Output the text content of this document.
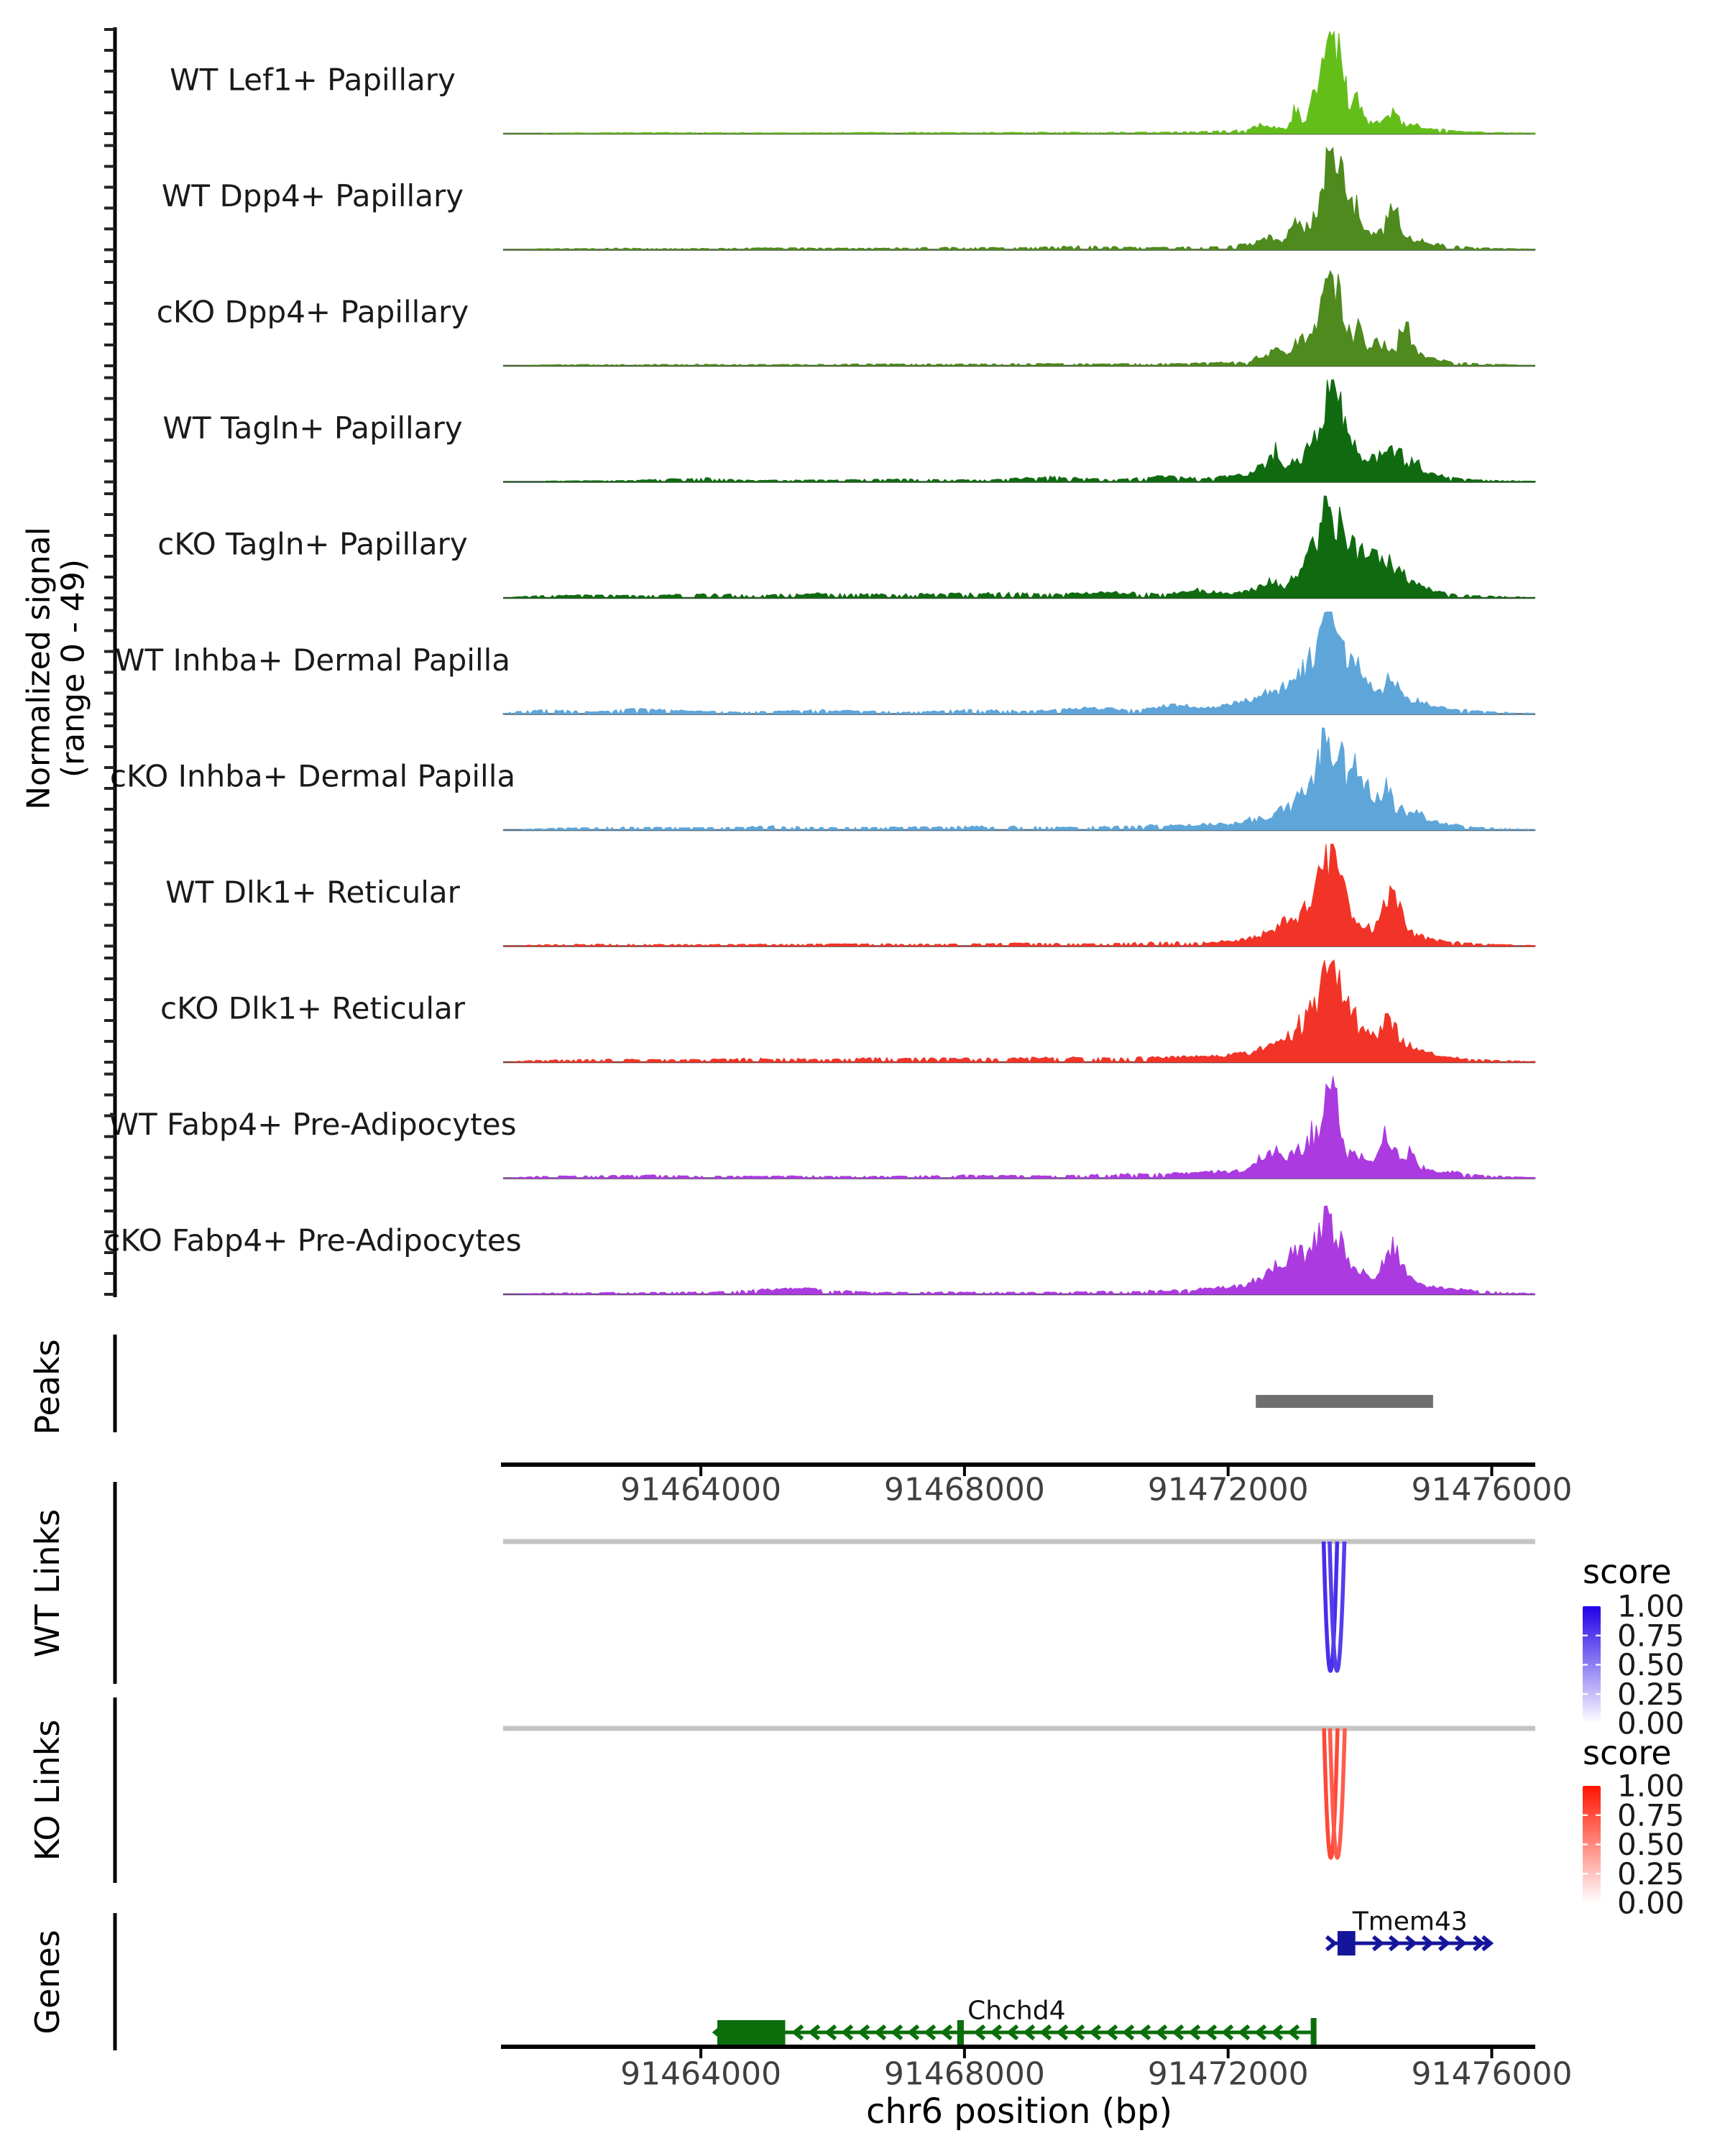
WT Lef1+ Papillary
WT Dpp4+ Papillary
cKO Dpp4+ Papillary
WT Tagln+ Papillary
cKO Tagln+ Papillary
WT Inhba+ Dermal Papilla
cKO Inhba+ Dermal Papilla
WT Dlk1+ Reticular
cKO Dlk1+ Reticular
WT Fabp4+ Pre-Adipocytes
cKO Fabp4+ Pre-Adipocytes
Normalized signal
(range 0 - 49)
Peaks
91464000	91468000	91472000	91476000
WT Links	score
1.00
0.75
0.50
0.25
0.00
KO Links	score
1.00
0.75
0.50
0.25
0.00
Genes
Tmem43
Chchd4
91464000	91468000	91472000	91476000
chr6 position (bp)
